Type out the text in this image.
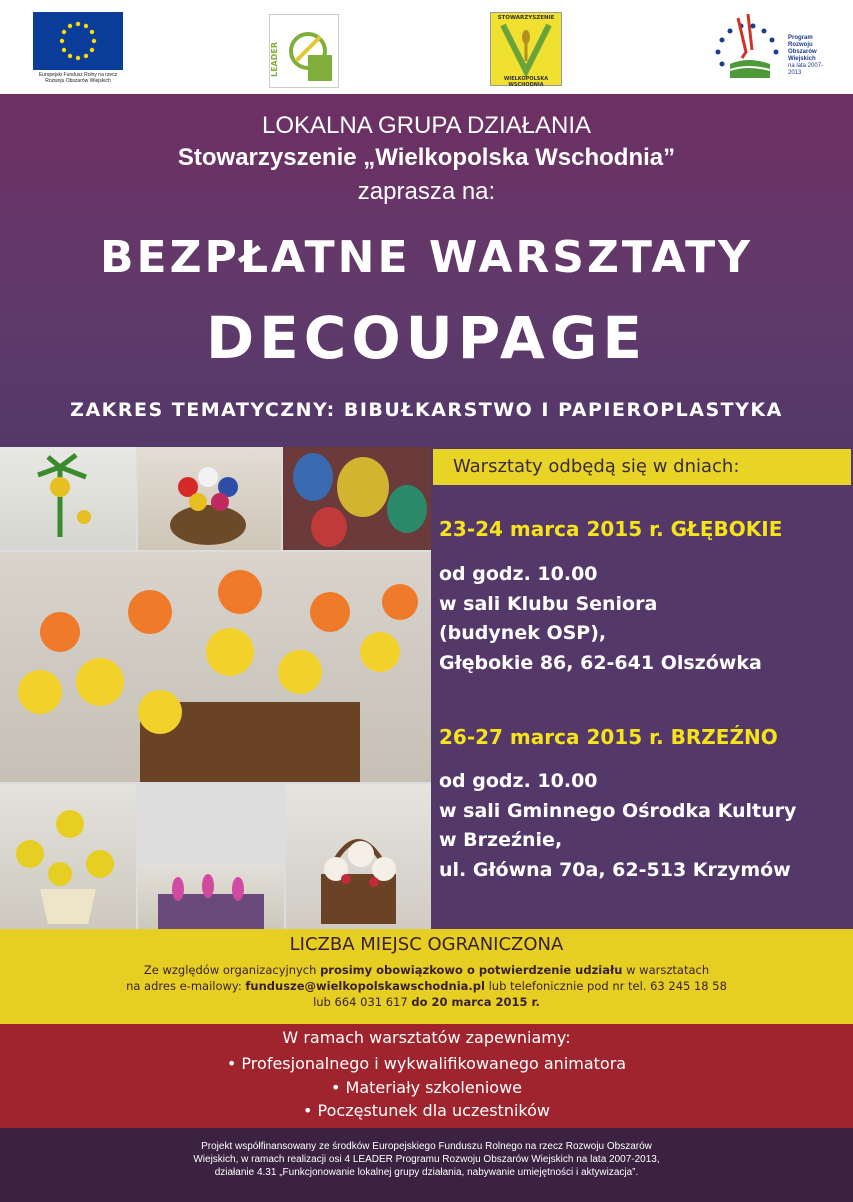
Europejski Fundusz Rolny na rzecz Rozwoju Obszarów Wiejskich
LEADER
STOWARZYSZENIE
WIELKOPOLSKA WSCHODNIA
Program
Rozwoju
Obszarów
Wiejskich
na lata 2007-2013
LOKALNA GRUPA DZIAŁANIA
Stowarzyszenie „Wielkopolska Wschodnia”
zaprasza na:
BEZPŁATNE WARSZTATY
DECOUPAGE
ZAKRES TEMATYCZNY: BIBUŁKARSTWO I PAPIEROPLASTYKA
Warsztaty odbędą się w dniach:
23-24 marca 2015 r. GŁĘBOKIE
od godz. 10.00
w sali Klubu Seniora
(budynek OSP),
Głębokie 86, 62-641 Olszówka
26-27 marca 2015 r. BRZEŹNO
od godz. 10.00
w sali Gminnego Ośrodka Kultury
w Brzeźnie,
ul. Główna 70a, 62-513 Krzymów
LICZBA MIEJSC OGRANICZONA
Ze względów organizacyjnych prosimy obowiązkowo o potwierdzenie udziału w warsztatach
na adres e-mailowy: fundusze@wielkopolskawschodnia.pl lub telefonicznie pod nr tel. 63 245 18 58
lub 664 031 617 do 20 marca 2015 r.
W ramach warsztatów zapewniamy:
• Profesjonalnego i wykwalifikowanego animatora
• Materiały szkoleniowe
• Poczęstunek dla uczestników
Projekt współfinansowany ze środków Europejskiego Funduszu Rolnego na rzecz Rozwoju Obszarów
Wiejskich, w ramach realizacji osi 4 LEADER Programu Rozwoju Obszarów Wiejskich na lata 2007-2013,
działanie 4.31 „Funkcjonowanie lokalnej grupy działania, nabywanie umiejętności i aktywizacja”.
